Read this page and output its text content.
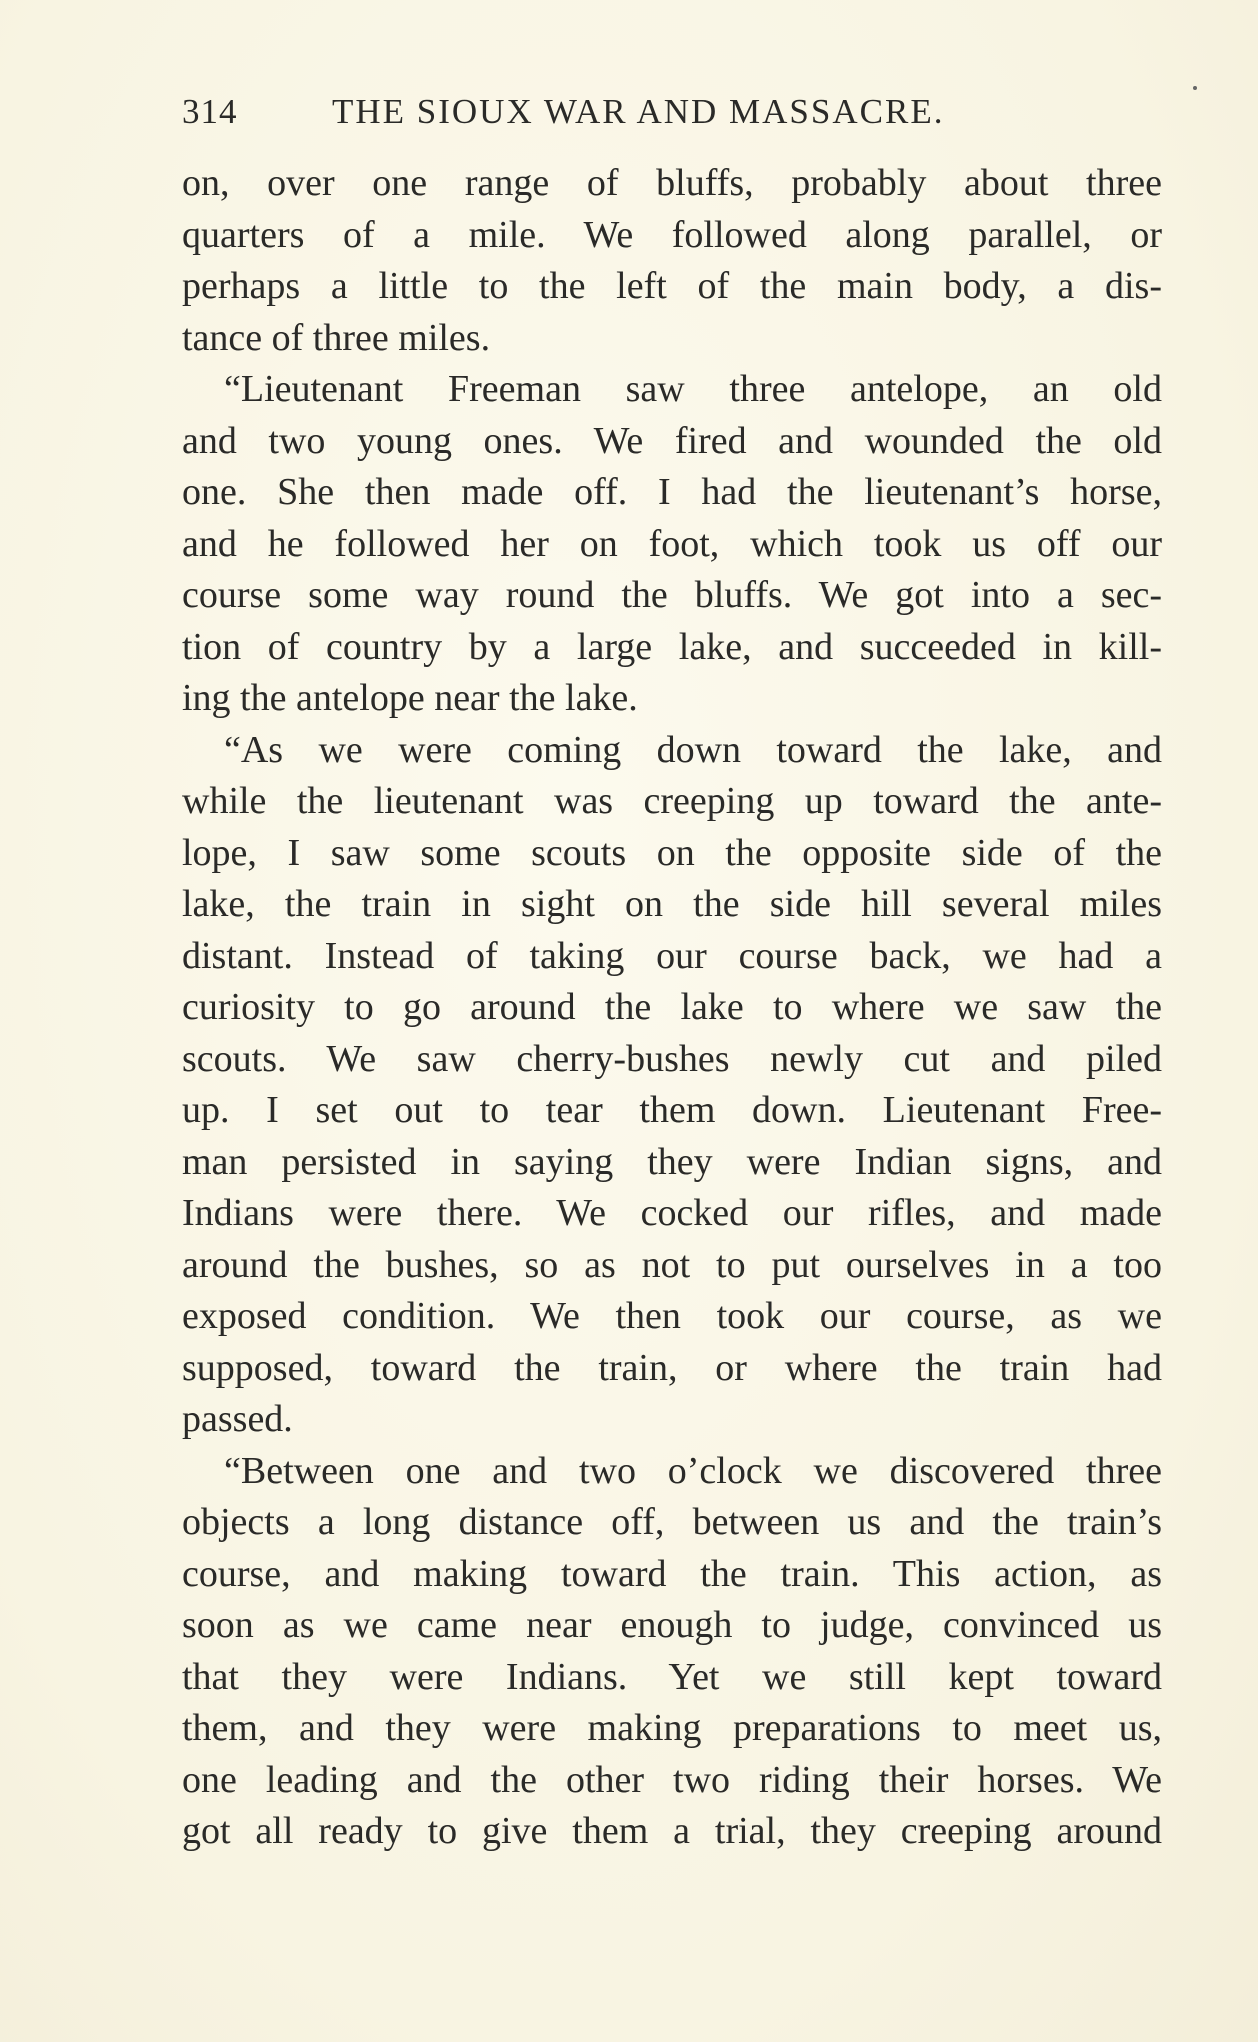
314	THE SIOUX WAR AND MASSACRE.
on, over one range of bluffs, probably about three
quarters of a mile. We followed along parallel, or
perhaps a little to the left of the main body, a dis-
tance of three miles.
“Lieutenant Freeman saw three antelope, an old
and two young ones. We fired and wounded the old
one. She then made off. I had the lieutenant’s horse,
and he followed her on foot, which took us off our
course some way round the bluffs. We got into a sec-
tion of country by a large lake, and succeeded in kill-
ing the antelope near the lake.
“As we were coming down toward the lake, and
while the lieutenant was creeping up toward the ante-
lope, I saw some scouts on the opposite side of the
lake, the train in sight on the side hill several miles
distant. Instead of taking our course back, we had a
curiosity to go around the lake to where we saw the
scouts. We saw cherry-bushes newly cut and piled
up. I set out to tear them down. Lieutenant Free-
man persisted in saying they were Indian signs, and
Indians were there. We cocked our rifles, and made
around the bushes, so as not to put ourselves in a too
exposed condition. We then took our course, as we
supposed, toward the train, or where the train had
passed.
“Between one and two o’clock we discovered three
objects a long distance off, between us and the train’s
course, and making toward the train. This action, as
soon as we came near enough to judge, convinced us
that they were Indians. Yet we still kept toward
them, and they were making preparations to meet us,
one leading and the other two riding their horses. We
got all ready to give them a trial, they creeping around
